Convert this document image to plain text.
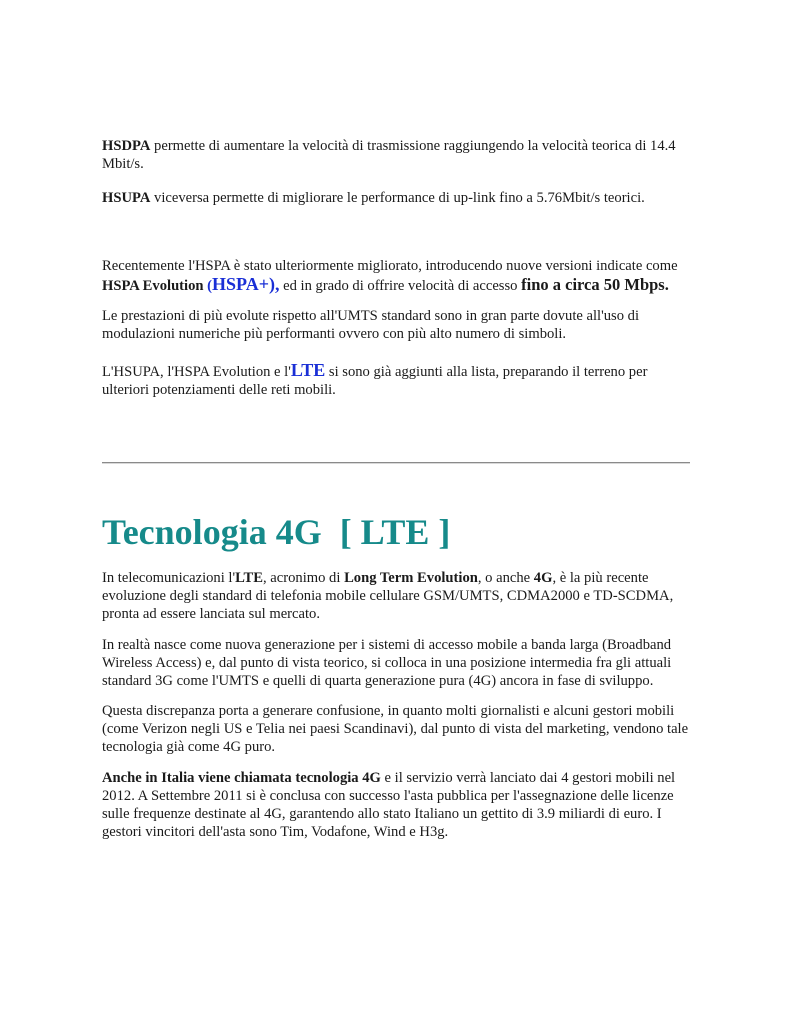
HSDPA permette di aumentare la velocità di trasmissione raggiungendo la velocità teorica di 14.4 Mbit/s.

HSUPA viceversa permette di migliorare le performance di up-link fino a 5.76Mbit/s teorici.

Recentemente l'HSPA è stato ulteriormente migliorato, introducendo nuove versioni indicate come HSPA Evolution (HSPA+), ed in grado di offrire velocità di accesso fino a circa 50 Mbps.

Le prestazioni di più evolute rispetto all'UMTS standard sono in gran parte dovute all'uso di modulazioni numeriche più performanti ovvero con più alto numero di simboli.

L'HSUPA, l'HSPA Evolution e l'LTE si sono già aggiunti alla lista, preparando il terreno per ulteriori potenziamenti delle reti mobili.

Tecnologia 4G  [ LTE ]

In telecomunicazioni l'LTE, acronimo di Long Term Evolution, o anche 4G, è la più recente evoluzione degli standard di telefonia mobile cellulare GSM/UMTS, CDMA2000 e TD-SCDMA, pronta ad essere lanciata sul mercato.

In realtà nasce come nuova generazione per i sistemi di accesso mobile a banda larga (Broadband Wireless Access) e, dal punto di vista teorico, si colloca in una posizione intermedia fra gli attuali standard 3G come l'UMTS e quelli di quarta generazione pura (4G) ancora in fase di sviluppo.

Questa discrepanza porta a generare confusione, in quanto molti giornalisti e alcuni gestori mobili (come Verizon negli US e Telia nei paesi Scandinavi), dal punto di vista del marketing, vendono tale tecnologia già come 4G puro.

Anche in Italia viene chiamata tecnologia 4G e il servizio verrà lanciato dai 4 gestori mobili nel 2012. A Settembre 2011 si è conclusa con successo l'asta pubblica per l'assegnazione delle licenze sulle frequenze destinate al 4G, garantendo allo stato Italiano un gettito di 3.9 miliardi di euro. I gestori vincitori dell'asta sono Tim, Vodafone, Wind e H3g.
